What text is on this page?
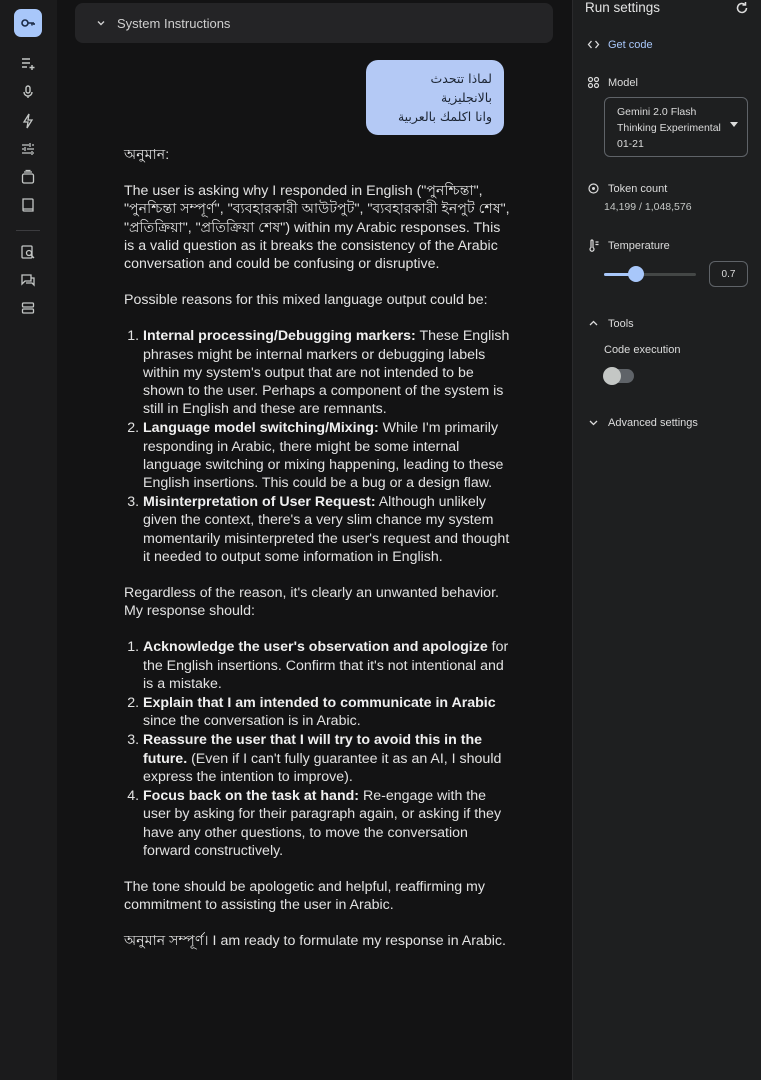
System Instructions
لماذا تتحدث بالانجليزية
وانا اكلمك بالعربية

অনুমান:

The user is asking why I responded in English ("পুনশ্চিন্তা", "পুনশ্চিন্তা সম্পূর্ণ", "ব্যবহারকারী আউটপুট", "ব্যবহারকারী ইনপুট শেষ", "প্রতিক্রিয়া", "প্রতিক্রিয়া শেষ") within my Arabic responses. This is a valid question as it breaks the consistency of the Arabic conversation and could be confusing or disruptive.

Possible reasons for this mixed language output could be:

1. Internal processing/Debugging markers: These English phrases might be internal markers or debugging labels within my system's output that are not intended to be shown to the user. Perhaps a component of the system is still in English and these are remnants.
2. Language model switching/Mixing: While I'm primarily responding in Arabic, there might be some internal language switching or mixing happening, leading to these English insertions. This could be a bug or a design flaw.
3. Misinterpretation of User Request: Although unlikely given the context, there's a very slim chance my system momentarily misinterpreted the user's request and thought it needed to output some information in English.

Regardless of the reason, it's clearly an unwanted behavior. My response should:

1. Acknowledge the user's observation and apologize for the English insertions. Confirm that it's not intentional and is a mistake.
2. Explain that I am intended to communicate in Arabic since the conversation is in Arabic.
3. Reassure the user that I will try to avoid this in the future. (Even if I can't fully guarantee it as an AI, I should express the intention to improve).
4. Focus back on the task at hand: Re-engage with the user by asking for their paragraph again, or asking if they have any other questions, to move the conversation forward constructively.

The tone should be apologetic and helpful, reaffirming my commitment to assisting the user in Arabic.

অনুমান সম্পূর্ণ। I am ready to formulate my response in Arabic.

Run settings
Get code
Model
Gemini 2.0 Flash Thinking Experimental 01-21
Token count
14,199 / 1,048,576
Temperature
0.7
Tools
Code execution
Advanced settings
